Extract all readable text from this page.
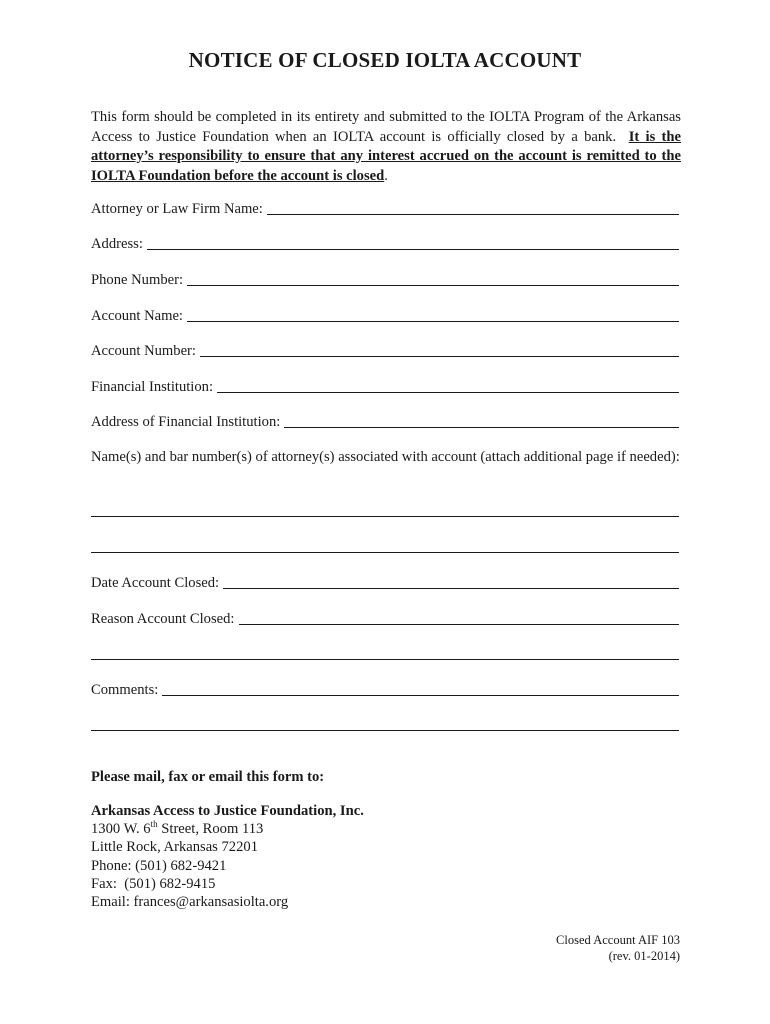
NOTICE OF CLOSED IOLTA ACCOUNT

This form should be completed in its entirety and submitted to the IOLTA Program of the Arkansas Access to Justice Foundation when an IOLTA account is officially closed by a bank. It is the attorney’s responsibility to ensure that any interest accrued on the account is remitted to the IOLTA Foundation before the account is closed.

Attorney or Law Firm Name:
Address:
Phone Number:
Account Name:
Account Number:
Financial Institution:
Address of Financial Institution:

Name(s) and bar number(s) of attorney(s) associated with account (attach additional page if needed):

Date Account Closed:
Reason Account Closed:
Comments:

Please mail, fax or email this form to:

Arkansas Access to Justice Foundation, Inc.
1300 W. 6th Street, Room 113
Little Rock, Arkansas 72201
Phone: (501) 682-9421
Fax:  (501) 682-9415
Email: frances@arkansasiolta.org
Closed Account AIF 103
(rev. 01-2014)
